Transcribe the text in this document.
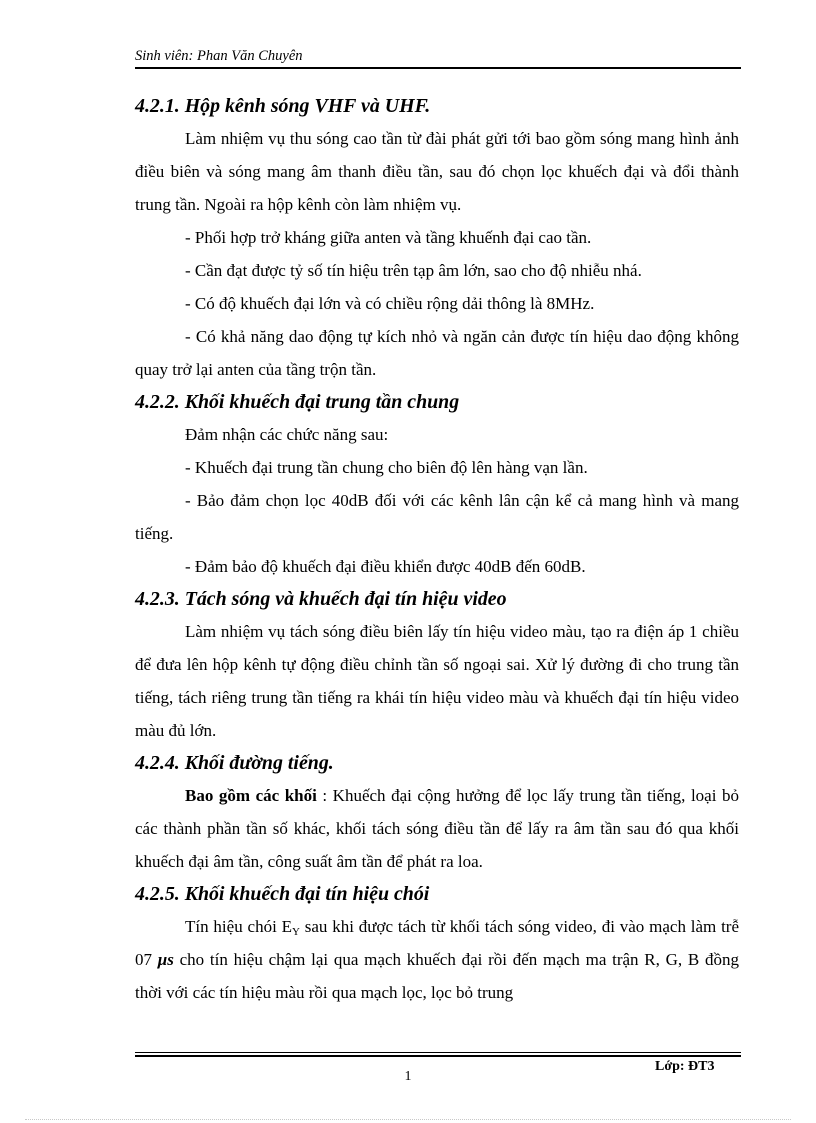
Sinh viên: Phan Văn Chuyên
4.2.1. Hộp kênh sóng VHF và UHF.

Làm nhiệm vụ thu sóng cao tần từ đài phát gửi tới bao gồm sóng mang hình ảnh điều biên và sóng mang âm thanh điều tần, sau đó chọn lọc khuếch đại và đổi thành trung tần. Ngoài ra hộp kênh còn làm nhiệm vụ.

- Phối hợp trở kháng giữa anten và tầng khuếnh đại cao tần.

- Cần đạt được tỷ số tín hiệu trên tạp âm lớn, sao cho độ nhiễu nhá.

- Có độ khuếch đại lớn và có chiều rộng dải thông là 8MHz.

- Có khả năng dao động tự kích nhỏ và ngăn cản được tín hiệu dao động không quay trở lại anten của tầng trộn tần.

4.2.2. Khối khuếch đại trung tần chung

Đảm nhận các chức năng sau:

- Khuếch đại trung tần chung cho biên độ lên hàng vạn lần.

- Bảo đảm chọn lọc 40dB đối với các kênh lân cận kể cả mang hình và mang tiếng.

- Đảm bảo độ khuếch đại điều khiển được 40dB đến 60dB.

4.2.3. Tách sóng và khuếch đại tín hiệu video

Làm nhiệm vụ tách sóng điều biên lấy tín hiệu video màu, tạo ra điện áp 1 chiều để đưa lên hộp kênh tự động điều chỉnh tần số ngoại sai. Xử lý đường đi cho trung tần tiếng, tách riêng trung tần tiếng ra khái tín hiệu video màu và khuếch đại tín hiệu video màu đủ lớn.

4.2.4. Khối đường tiếng.

Bao gồm các khối : Khuếch đại cộng hưởng để lọc lấy trung tần tiếng, loại bỏ các thành phần tần số khác, khối tách sóng điều tần để lấy ra âm tần sau đó qua khối khuếch đại âm tần, công suất âm tần để phát ra loa.

4.2.5. Khối khuếch đại tín hiệu chói

Tín hiệu chói $E_Y$ sau khi được tách từ khối tách sóng video, đi vào mạch làm trễ 07 μs cho tín hiệu chậm lại qua mạch khuếch đại rồi đến mạch ma trận R, G, B đồng thời với các tín hiệu màu rồi qua mạch lọc, lọc bỏ trung

Lớp: ĐT3
1
